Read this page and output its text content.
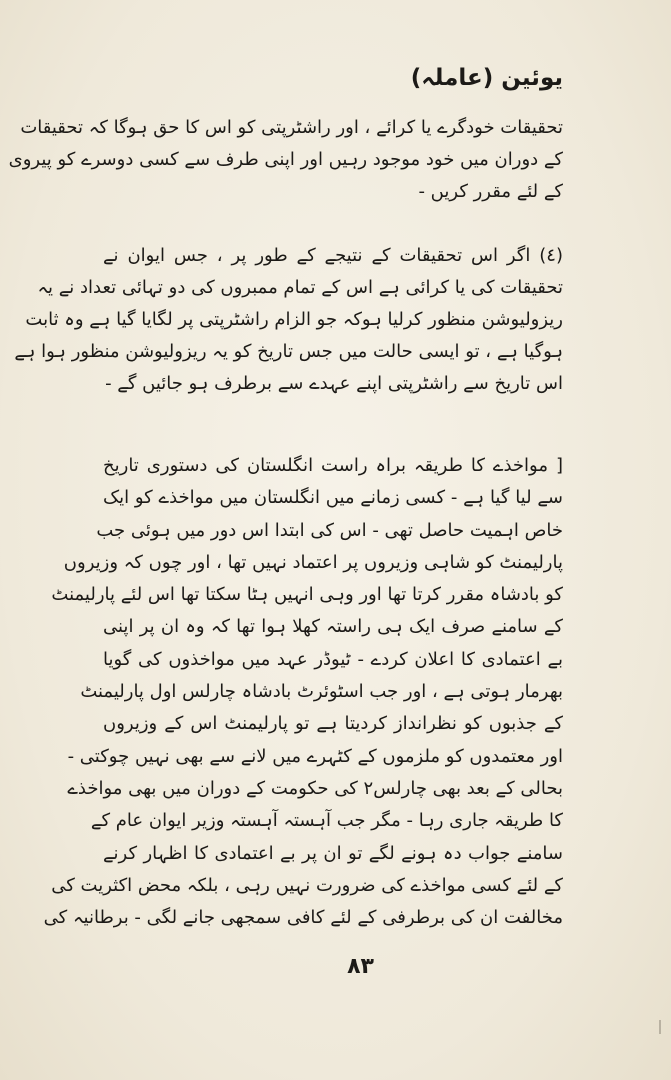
یوئین (عاملہ)
تحقیقات خودگرے یا کرائے ، اور راشٹرپتی کو اس کا حق ہوگا کہ تحقیقات
کے دوران میں خود موجود رہیں اور اپنی طرف سے کسی دوسرے کو پیروی
کے لئے مقرر کریں -
(٤) اگر اس تحقیقات کے نتیجے کے طور پر ، جس ایوان نے
تحقیقات کی یا کرائی ہے اس کے تمام ممبروں کی دو تہائی تعداد نے یہ
ریزولیوشن منظور کرلیا ہوکہ جو الزام راشٹرپتی پر لگایا گیا ہے وہ ثابت
ہوگیا ہے ، تو ایسی حالت میں جس تاریخ کو یہ ریزولیوشن منظور ہوا ہے
اس تاریخ سے راشٹرپتی اپنے عہدے سے برطرف ہو جائیں گے -
[ مواخذے کا طریقہ براہ راست انگلستان کی دستوری تاریخ
سے لیا گیا ہے - کسی زمانے میں انگلستان میں مواخذے کو ایک
خاص اہمیت حاصل تھی - اس کی ابتدا اس دور میں ہوئی جب
پارلیمنٹ کو شاہی وزیروں پر اعتماد نہیں تھا ، اور چوں کہ وزیروں
کو بادشاہ مقرر کرتا تھا اور وہی انہیں ہٹا سکتا تھا اس لئے پارلیمنٹ
کے سامنے صرف ایک ہی راستہ کھلا ہوا تھا کہ وہ ان پر اپنی
بے اعتمادی کا اعلان کردے - ٹیوڈر عہد میں مواخذوں کی گویا
بھرمار ہوتی ہے ، اور جب اسٹوئرٹ بادشاہ چارلس اول پارلیمنٹ
کے جذبوں کو نظرانداز کردیتا ہے تو پارلیمنٹ اس کے وزیروں
اور معتمدوں کو ملزموں کے کٹہرے میں لانے سے بھی نہیں چوکتی -
بحالی کے بعد بھی چارلس٢ کی حکومت کے دوران میں بھی مواخذے
کا طریقہ جاری رہا - مگر جب آہستہ آہستہ وزیر ایوان عام کے
سامنے جواب دہ ہونے لگے تو ان پر بے اعتمادی کا اظہار کرنے
کے لئے کسی مواخذے کی ضرورت نہیں رہی ، بلکہ محض اکثریت کی
مخالفت ان کی برطرفی کے لئے کافی سمجھی جانے لگی - برطانیہ کی
٨٣
